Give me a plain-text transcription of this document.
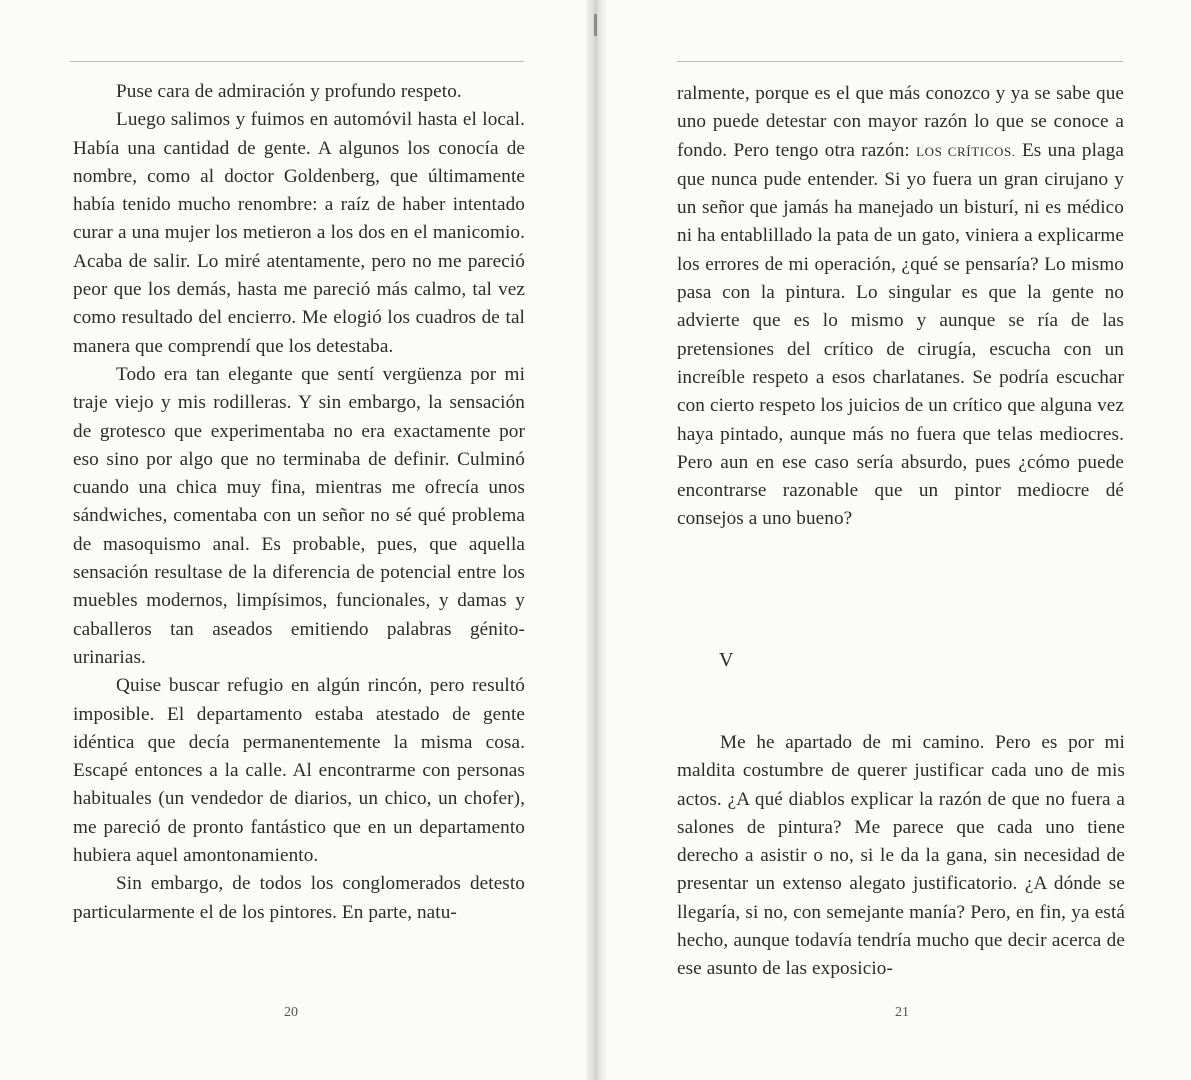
Puse cara de admiración y profundo respeto.

Luego salimos y fuimos en automóvil hasta el local. Había una cantidad de gente. A algunos los conocía de nombre, como al doctor Goldenberg, que últimamente había tenido mucho renombre: a raíz de haber intentado curar a una mujer los metieron a los dos en el manicomio. Acaba de salir. Lo miré atentamente, pero no me pareció peor que los demás, hasta me pareció más calmo, tal vez como resultado del encierro. Me elogió los cuadros de tal manera que comprendí que los detestaba.

Todo era tan elegante que sentí vergüenza por mi traje viejo y mis rodilleras. Y sin embargo, la sensación de grotesco que experimentaba no era exactamente por eso sino por algo que no terminaba de definir. Culminó cuando una chica muy fina, mientras me ofrecía unos sándwiches, comentaba con un señor no sé qué problema de masoquismo anal. Es probable, pues, que aquella sensación resultase de la diferencia de potencial entre los muebles modernos, limpísimos, funcionales, y damas y caballeros tan aseados emitiendo palabras génito-urinarias.

Quise buscar refugio en algún rincón, pero resultó imposible. El departamento estaba atestado de gente idéntica que decía permanentemente la misma cosa. Escapé entonces a la calle. Al encontrarme con personas habituales (un vendedor de diarios, un chico, un chofer), me pareció de pronto fantástico que en un departamento hubiera aquel amontonamiento.

Sin embargo, de todos los conglomerados detesto particularmente el de los pintores. En parte, natu-

20

ralmente, porque es el que más conozco y ya se sabe que uno puede detestar con mayor razón lo que se conoce a fondo. Pero tengo otra razón: LOS CRÍTICOS. Es una plaga que nunca pude entender. Si yo fuera un gran cirujano y un señor que jamás ha manejado un bisturí, ni es médico ni ha entablillado la pata de un gato, viniera a explicarme los errores de mi operación, ¿qué se pensaría? Lo mismo pasa con la pintura. Lo singular es que la gente no advierte que es lo mismo y aunque se ría de las pretensiones del crítico de cirugía, escucha con un increíble respeto a esos charlatanes. Se podría escuchar con cierto respeto los juicios de un crítico que alguna vez haya pintado, aunque más no fuera que telas mediocres. Pero aun en ese caso sería absurdo, pues ¿cómo puede encontrarse razonable que un pintor mediocre dé consejos a uno bueno?

V

Me he apartado de mi camino. Pero es por mi maldita costumbre de querer justificar cada uno de mis actos. ¿A qué diablos explicar la razón de que no fuera a salones de pintura? Me parece que cada uno tiene derecho a asistir o no, si le da la gana, sin necesidad de presentar un extenso alegato justificatorio. ¿A dónde se llegaría, si no, con semejante manía? Pero, en fin, ya está hecho, aunque todavía tendría mucho que decir acerca de ese asunto de las exposicio-

21
